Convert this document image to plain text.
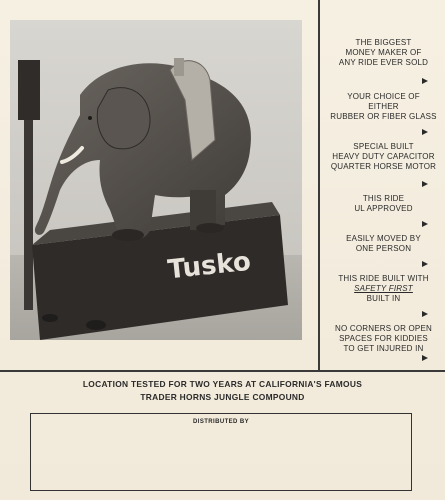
Tusko
THE BIGGEST
MONEY MAKER OF
ANY RIDE EVER SOLD
YOUR CHOICE OF
EITHER
RUBBER OR FIBER GLASS
SPECIAL BUILT
HEAVY DUTY CAPACITOR
QUARTER HORSE MOTOR
THIS RIDE
UL APPROVED
EASILY MOVED BY
ONE PERSON
THIS RIDE BUILT WITH
SAFETY FIRST
BUILT IN
NO CORNERS OR OPEN
SPACES FOR KIDDIES
TO GET INJURED IN
LOCATION TESTED FOR TWO YEARS AT CALIFORNIA'S FAMOUS
TRADER HORNS JUNGLE COMPOUND
DISTRIBUTED BY
